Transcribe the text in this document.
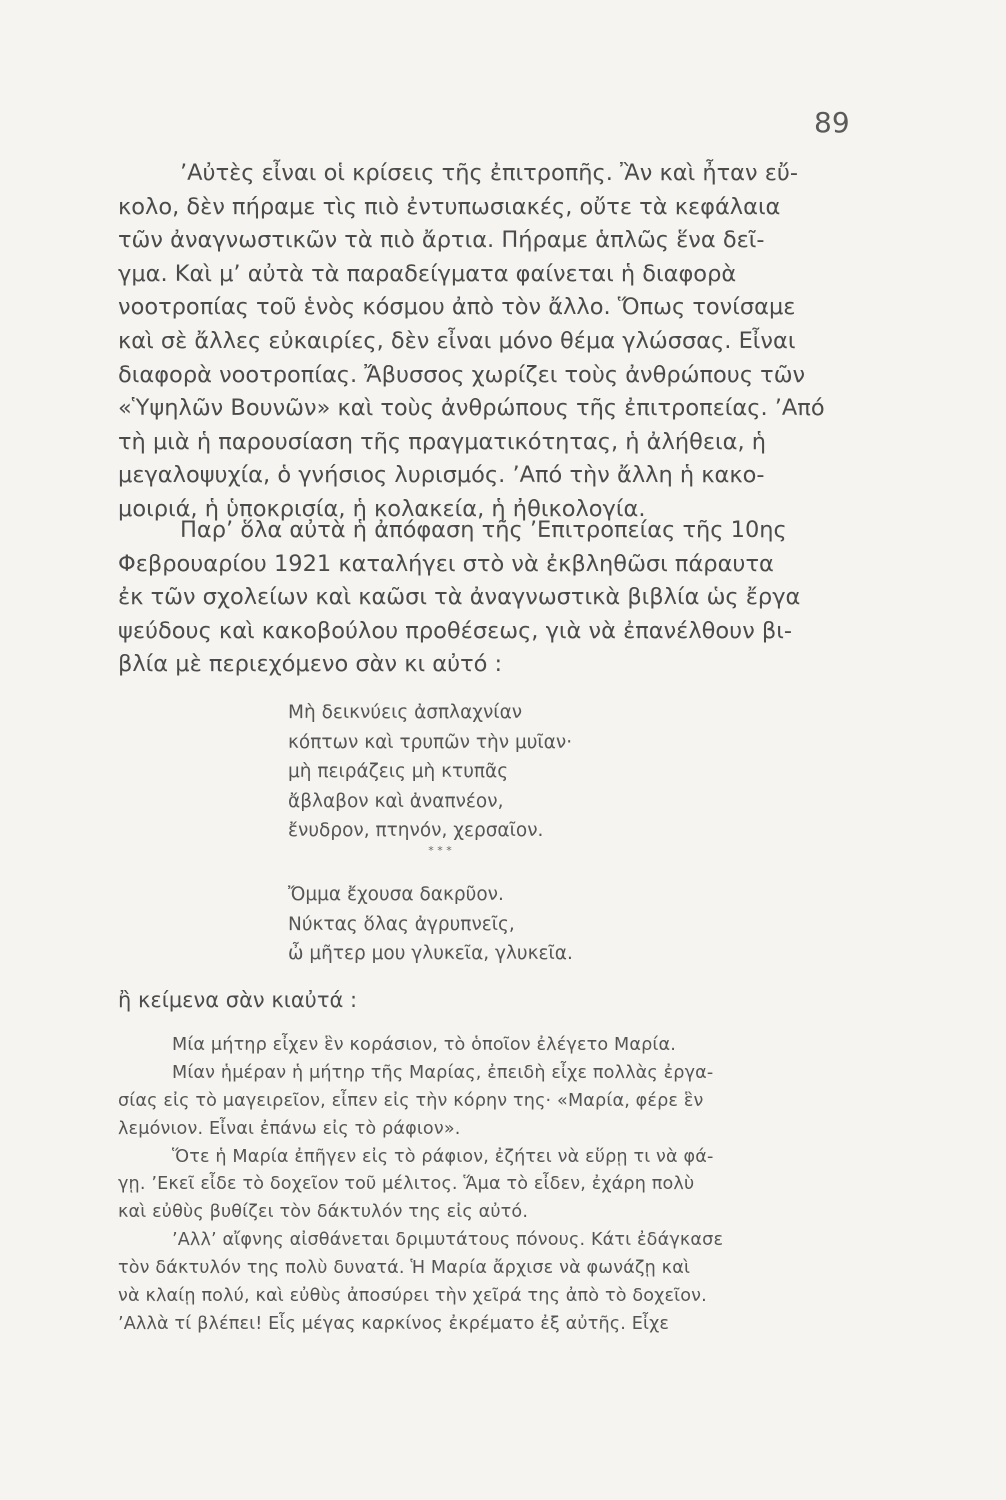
89
’Αὐτὲς εἶναι οἱ κρίσεις τῆς ἐπιτροπῆς. Ἂν καὶ ἦταν εὔ-
κολο, δὲν πήραμε τὶς πιὸ ἐντυπωσιακές, οὔτε τὰ κεφάλαια
τῶν ἀναγνωστικῶν τὰ πιὸ ἄρτια. Πήραμε ἁπλῶς ἕνα δεῖ-
γμα. Καὶ μ’ αὐτὰ τὰ παραδείγματα φαίνεται ἡ διαφορὰ
νοοτροπίας τοῦ ἑνὸς κόσμου ἀπὸ τὸν ἄλλο. Ὅπως τονίσαμε
καὶ σὲ ἄλλες εὐκαιρίες, δὲν εἶναι μόνο θέμα γλώσσας. Εἶναι
διαφορὰ νοοτροπίας. Ἄβυσσος χωρίζει τοὺς ἀνθρώπους τῶν
«Ὑψηλῶν Βουνῶν» καὶ τοὺς ἀνθρώπους τῆς ἐπιτροπείας. ’Από
τὴ μιὰ ἡ παρουσίαση τῆς πραγματικότητας, ἡ ἀλήθεια, ἡ
μεγαλοψυχία, ὁ γνήσιος λυρισμός. ’Από τὴν ἄλλη ἡ κακο-
μοιριά, ἡ ὑποκρισία, ἡ κολακεία, ἡ ἠθικολογία.
Παρ’ ὅλα αὐτὰ ἡ ἀπόφαση τῆς ’Επιτροπείας τῆς 10ης
Φεβρουαρίου 1921 καταλήγει στὸ νὰ ἐκβληθῶσι πάραυτα
ἐκ τῶν σχολείων καὶ καῶσι τὰ ἀναγνωστικὰ βιβλία ὡς ἔργα
ψεύδους καὶ κακοβούλου προθέσεως, γιὰ νὰ ἐπανέλθουν βι-
βλία μὲ περιεχόμενο σὰν κι αὐτό :
Μὴ δεικνύεις ἀσπλαχνίαν
κόπτων καὶ τρυπῶν τὴν μυῖαν·
μὴ πειράζεις μὴ κτυπᾶς
ἄβλαβον καὶ ἀναπνέον,
ἔνυδρον, πτηνόν, χερσαῖον.
* * *
Ὄμμα ἔχουσα δακρῦον.
Νύκτας ὅλας ἀγρυπνεῖς,
ὦ μῆτερ μου γλυκεῖα, γλυκεῖα.
ἢ κείμενα σὰν κιαὐτά :
Μία μήτηρ εἶχεν ἓν κοράσιον, τὸ ὁποῖον ἐλέγετο Μαρία.
Μίαν ἡμέραν ἡ μήτηρ τῆς Μαρίας, ἐπειδὴ εἶχε πολλὰς ἐργα-
σίας εἰς τὸ μαγειρεῖον, εἶπεν εἰς τὴν κόρην της· «Μαρία, φέρε ἓν
λεμόνιον. Εἶναι ἐπάνω εἰς τὸ ράφιον».
Ὅτε ἡ Μαρία ἐπῆγεν εἰς τὸ ράφιον, ἐζήτει νὰ εὕρῃ τι νὰ φά-
γῃ. ’Εκεῖ εἶδε τὸ δοχεῖον τοῦ μέλιτος. Ἅμα τὸ εἶδεν, ἐχάρη πολὺ
καὶ εὐθὺς βυθίζει τὸν δάκτυλόν της εἰς αὐτό.
’Αλλ’ αἴφνης αἰσθάνεται δριμυτάτους πόνους. Κάτι ἐδάγκασε
τὸν δάκτυλόν της πολὺ δυνατά. Ἡ Μαρία ἄρχισε νὰ φωνάζῃ καὶ
νὰ κλαίῃ πολύ, καὶ εὐθὺς ἀποσύρει τὴν χεῖρά της ἀπὸ τὸ δοχεῖον.
’Αλλὰ τί βλέπει! Εἷς μέγας καρκίνος ἐκρέματο ἐξ αὐτῆς. Εἶχε
